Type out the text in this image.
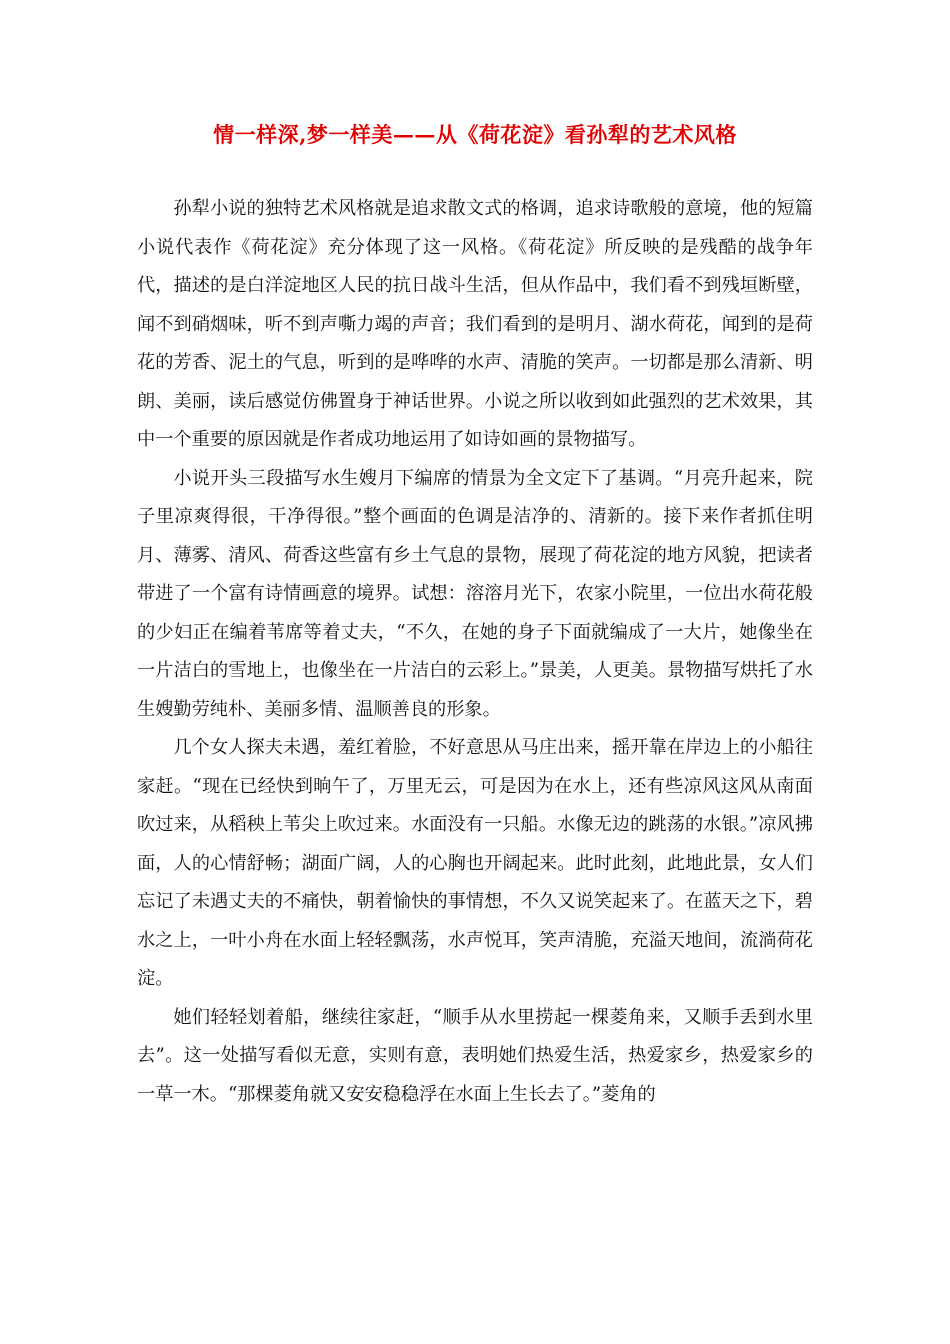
情一样深,梦一样美——从《荷花淀》看孙犁的艺术风格

孙犁小说的独特艺术风格就是追求散文式的格调，追求诗歌般的意境，他的短篇小说代表作《荷花淀》充分体现了这一风格。《荷花淀》所反映的是残酷的战争年代，描述的是白洋淀地区人民的抗日战斗生活，但从作品中，我们看不到残垣断壁，闻不到硝烟味，听不到声嘶力竭的声音；我们看到的是明月、湖水荷花，闻到的是荷花的芳香、泥土的气息，听到的是哗哗的水声、清脆的笑声。一切都是那么清新、明朗、美丽，读后感觉仿佛置身于神话世界。小说之所以收到如此强烈的艺术效果，其中一个重要的原因就是作者成功地运用了如诗如画的景物描写。

小说开头三段描写水生嫂月下编席的情景为全文定下了基调。“月亮升起来，院子里凉爽得很，干净得很。”整个画面的色调是洁净的、清新的。接下来作者抓住明月、薄雾、清风、荷香这些富有乡土气息的景物，展现了荷花淀的地方风貌，把读者带进了一个富有诗情画意的境界。试想：溶溶月光下，农家小院里，一位出水荷花般的少妇正在编着苇席等着丈夫，“不久，在她的身子下面就编成了一大片，她像坐在一片洁白的雪地上，也像坐在一片洁白的云彩上。”景美，人更美。景物描写烘托了水生嫂勤劳纯朴、美丽多情、温顺善良的形象。

几个女人探夫未遇，羞红着脸，不好意思从马庄出来，摇开靠在岸边上的小船往家赶。“现在已经快到晌午了，万里无云，可是因为在水上，还有些凉风这风从南面吹过来，从稻秧上苇尖上吹过来。水面没有一只船。水像无边的跳荡的水银。”凉风拂面，人的心情舒畅；湖面广阔，人的心胸也开阔起来。此时此刻，此地此景，女人们忘记了未遇丈夫的不痛快，朝着愉快的事情想，不久又说笑起来了。在蓝天之下，碧水之上，一叶小舟在水面上轻轻飘荡，水声悦耳，笑声清脆，充溢天地间，流淌荷花淀。

她们轻轻划着船，继续往家赶，“顺手从水里捞起一棵菱角来，又顺手丢到水里去”。这一处描写看似无意，实则有意，表明她们热爱生活，热爱家乡，热爱家乡的一草一木。“那棵菱角就又安安稳稳浮在水面上生长去了。”菱角的
